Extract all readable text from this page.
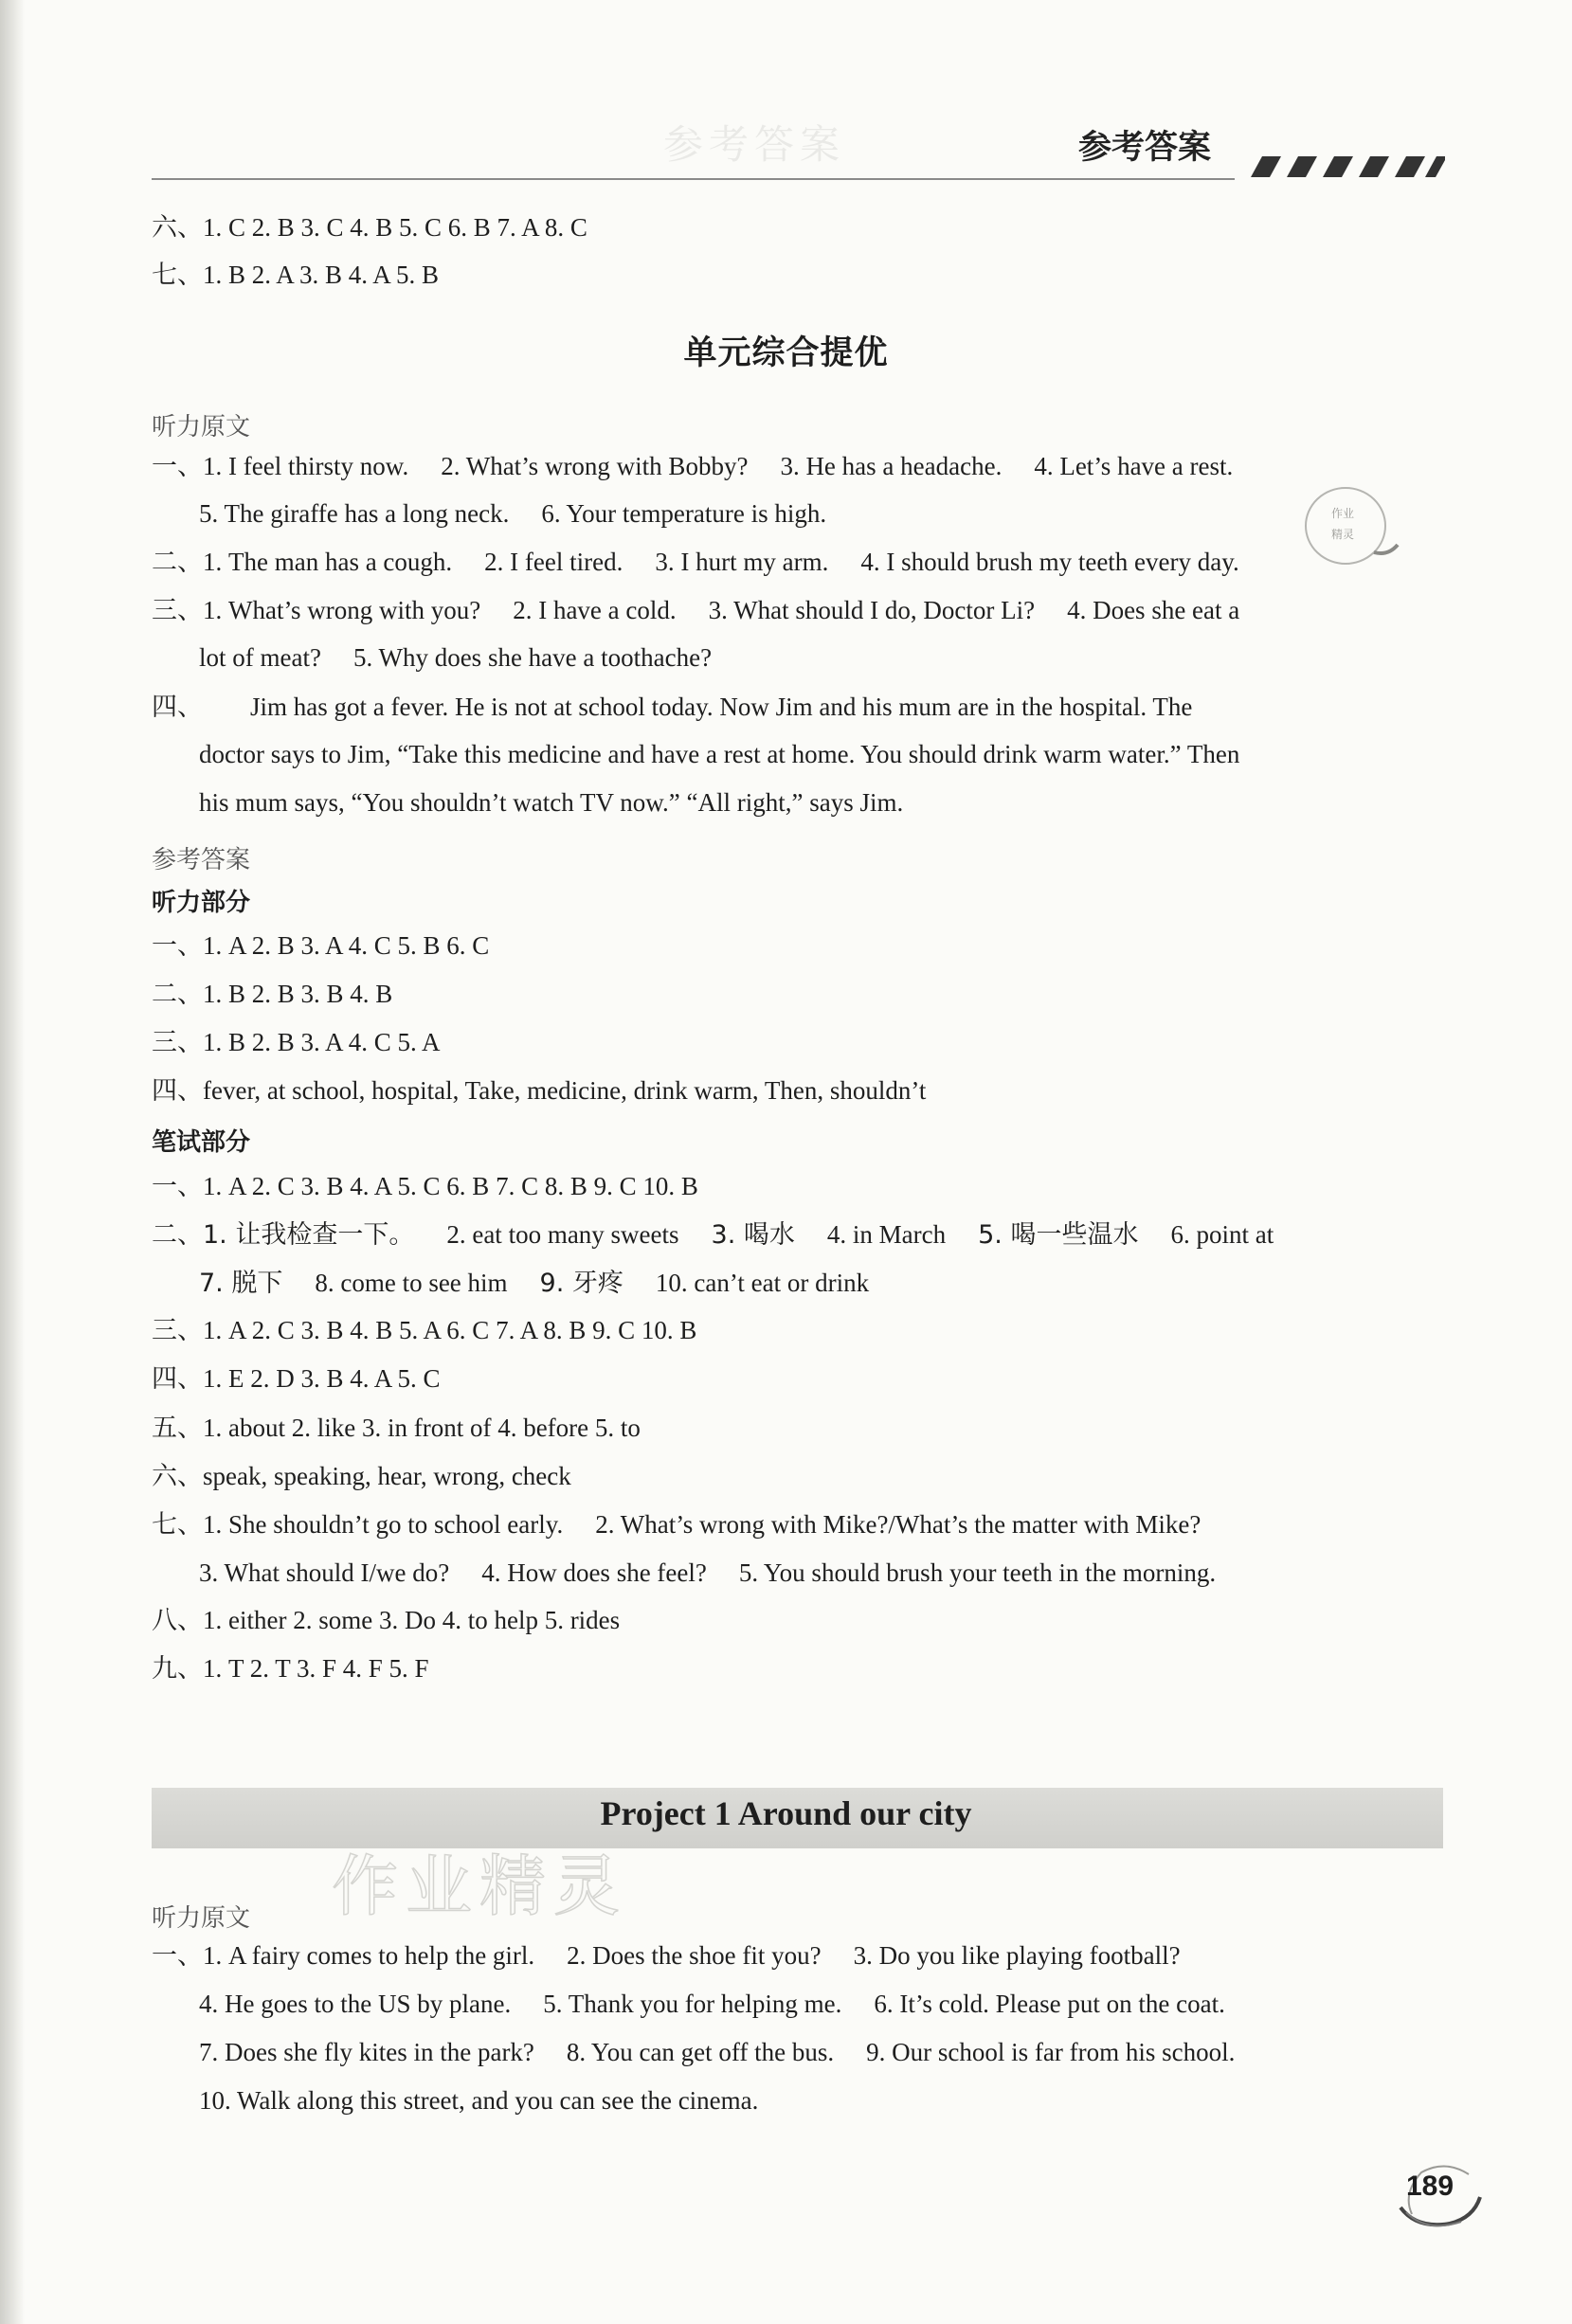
参考答案	参考答案
六、1. C 2. B 3. C 4. B 5. C 6. B 7. A 8. C
七、1. B 2. A 3. B 4. A 5. B
单元综合提优
听力原文
一、1. I feel thirsty now. 2. What’s wrong with Bobby? 3. He has a headache. 4. Let’s have a rest.
5. The giraffe has a long neck. 6. Your temperature is high.
二、1. The man has a cough. 2. I feel tired. 3. I hurt my arm. 4. I should brush my teeth every day.
三、1. What’s wrong with you? 2. I have a cold. 3. What should I do, Doctor Li? 4. Does she eat a
lot of meat? 5. Why does she have a toothache?
四、 Jim has got a fever. He is not at school today. Now Jim and his mum are in the hospital. The
doctor says to Jim, “Take this medicine and have a rest at home. You should drink warm water.” Then
his mum says, “You shouldn’t watch TV now.” “All right,” says Jim.
参考答案
听力部分
一、1. A 2. B 3. A 4. C 5. B 6. C
二、1. B 2. B 3. B 4. B
三、1. B 2. B 3. A 4. C 5. A
四、fever, at school, hospital, Take, medicine, drink warm, Then, shouldn’t
笔试部分
一、1. A 2. C 3. B 4. A 5. C 6. B 7. C 8. B 9. C 10. B
二、1. 让我检查一下。 2. eat too many sweets 3. 喝水 4. in March 5. 喝一些温水 6. point at
7. 脱下 8. come to see him 9. 牙疼 10. can’t eat or drink
三、1. A 2. C 3. B 4. B 5. A 6. C 7. A 8. B 9. C 10. B
四、1. E 2. D 3. B 4. A 5. C
五、1. about 2. like 3. in front of 4. before 5. to
六、speak, speaking, hear, wrong, check
七、1. She shouldn’t go to school early. 2. What’s wrong with Mike?/What’s the matter with Mike?
3. What should I/we do? 4. How does she feel? 5. You should brush your teeth in the morning.
八、1. either 2. some 3. Do 4. to help 5. rides
九、1. T 2. T 3. F 4. F 5. F
Project 1 Around our city
作业精灵
听力原文
一、1. A fairy comes to help the girl. 2. Does the shoe fit you? 3. Do you like playing football?
4. He goes to the US by plane. 5. Thank you for helping me. 6. It’s cold. Please put on the coat.
7. Does she fly kites in the park? 8. You can get off the bus. 9. Our school is far from his school.
10. Walk along this street, and you can see the cinema.
作业
精灵
189
